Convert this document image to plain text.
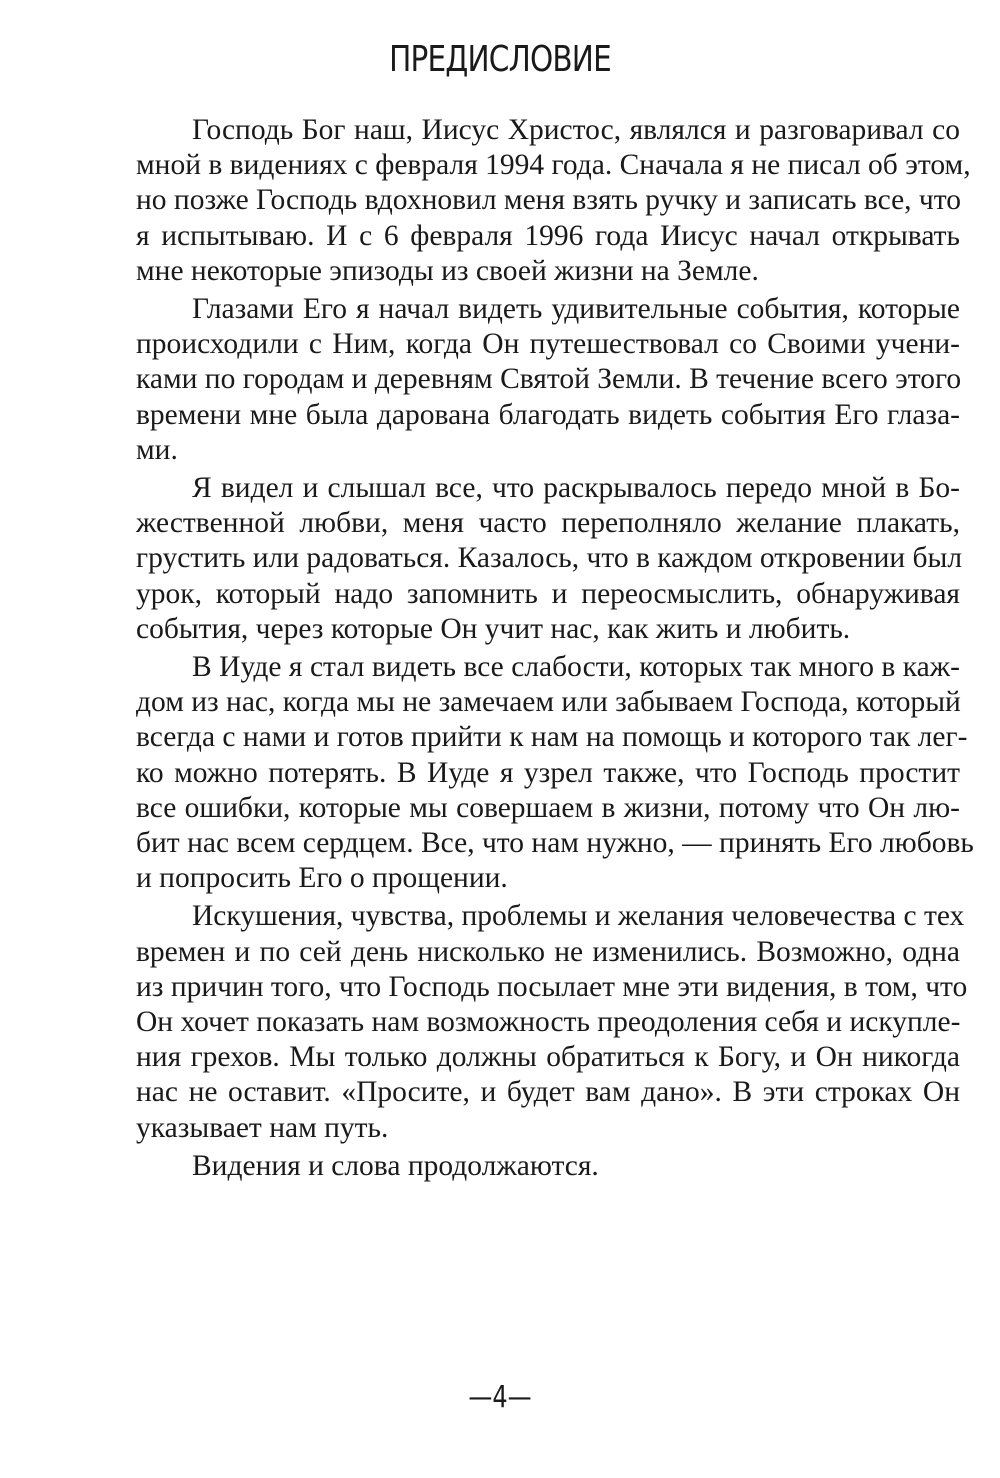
ПРЕДИСЛОВИЕ

Господь Бог наш, Иисус Христос, являлся и разговаривал со
мной в видениях с февраля 1994 года. Сначала я не писал об этом,
но позже Господь вдохновил меня взять ручку и записать все, что
я испытываю. И с 6 февраля 1996 года Иисус начал открывать
мне некоторые эпизоды из своей жизни на Земле.

Глазами Его я начал видеть удивительные события, которые
происходили с Ним, когда Он путешествовал со Своими учени-
ками по городам и деревням Святой Земли. В течение всего этого
времени мне была дарована благодать видеть события Его глаза-
ми.

Я видел и слышал все, что раскрывалось передо мной в Бо-
жественной любви, меня часто переполняло желание плакать,
грустить или радоваться. Казалось, что в каждом откровении был
урок, который надо запомнить и переосмыслить, обнаруживая
события, через которые Он учит нас, как жить и любить.

В Иуде я стал видеть все слабости, которых так много в каж-
дом из нас, когда мы не замечаем или забываем Господа, который
всегда с нами и готов прийти к нам на помощь и которого так лег-
ко можно потерять. В Иуде я узрел также, что Господь простит
все ошибки, которые мы совершаем в жизни, потому что Он лю-
бит нас всем сердцем. Все, что нам нужно, — принять Его любовь
и попросить Его о прощении.

Искушения, чувства, проблемы и желания человечества с тех
времен и по сей день нисколько не изменились. Возможно, одна
из причин того, что Господь посылает мне эти видения, в том, что
Он хочет показать нам возможность преодоления себя и искупле-
ния грехов. Мы только должны обратиться к Богу, и Он никогда
нас не оставит. «Просите, и будет вам дано». В эти строках Он
указывает нам путь.

Видения и слова продолжаются.

—4—
